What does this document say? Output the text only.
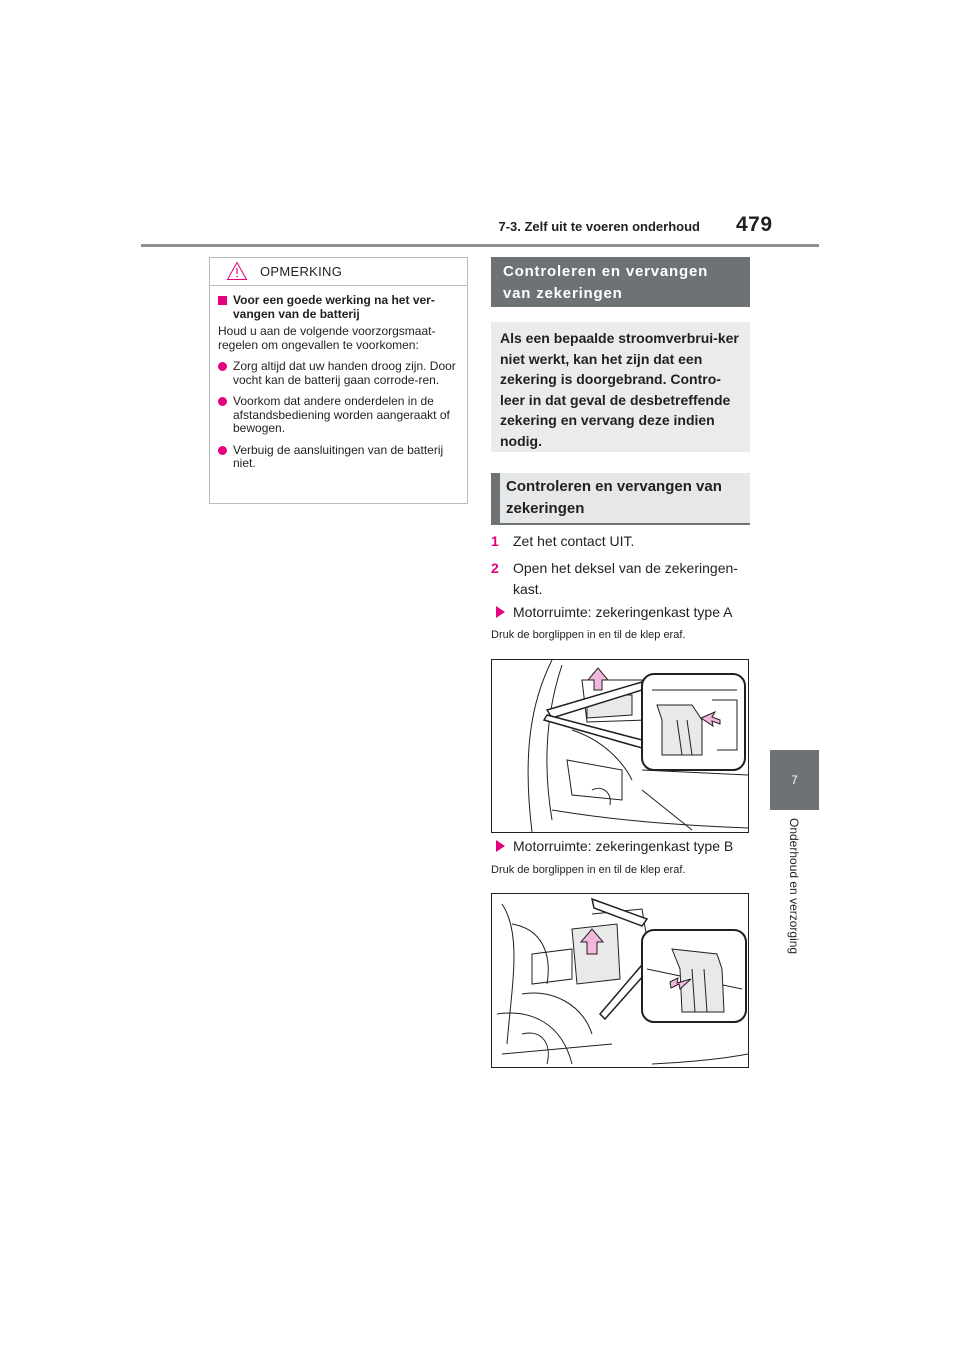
7-3. Zelf uit te voeren onderhoud 479
7
Onderhoud en verzorging
OPMERKING
Voor een goede werking na het ver-vangen van de batterij
Houd u aan de volgende voorzorgsmaat-regelen om ongevallen te voorkomen:
Zorg altijd dat uw handen droog zijn. Door vocht kan de batterij gaan corrode-ren.
Voorkom dat andere onderdelen in de afstandsbediening worden aangeraakt of bewogen.
Verbuig de aansluitingen van de batterij niet.
Controleren en vervangen van zekeringen
Als een bepaalde stroomverbrui-ker niet werkt, kan het zijn dat een zekering is doorgebrand. Contro-leer in dat geval de desbetreffende zekering en vervang deze indien nodig.
Controleren en vervangen van zekeringen
1	Zet het contact UIT.
2	Open het deksel van de zekeringen-kast.
Motorruimte: zekeringenkast type A
Druk de borglippen in en til de klep eraf.
Motorruimte: zekeringenkast type B
Druk de borglippen in en til de klep eraf.
